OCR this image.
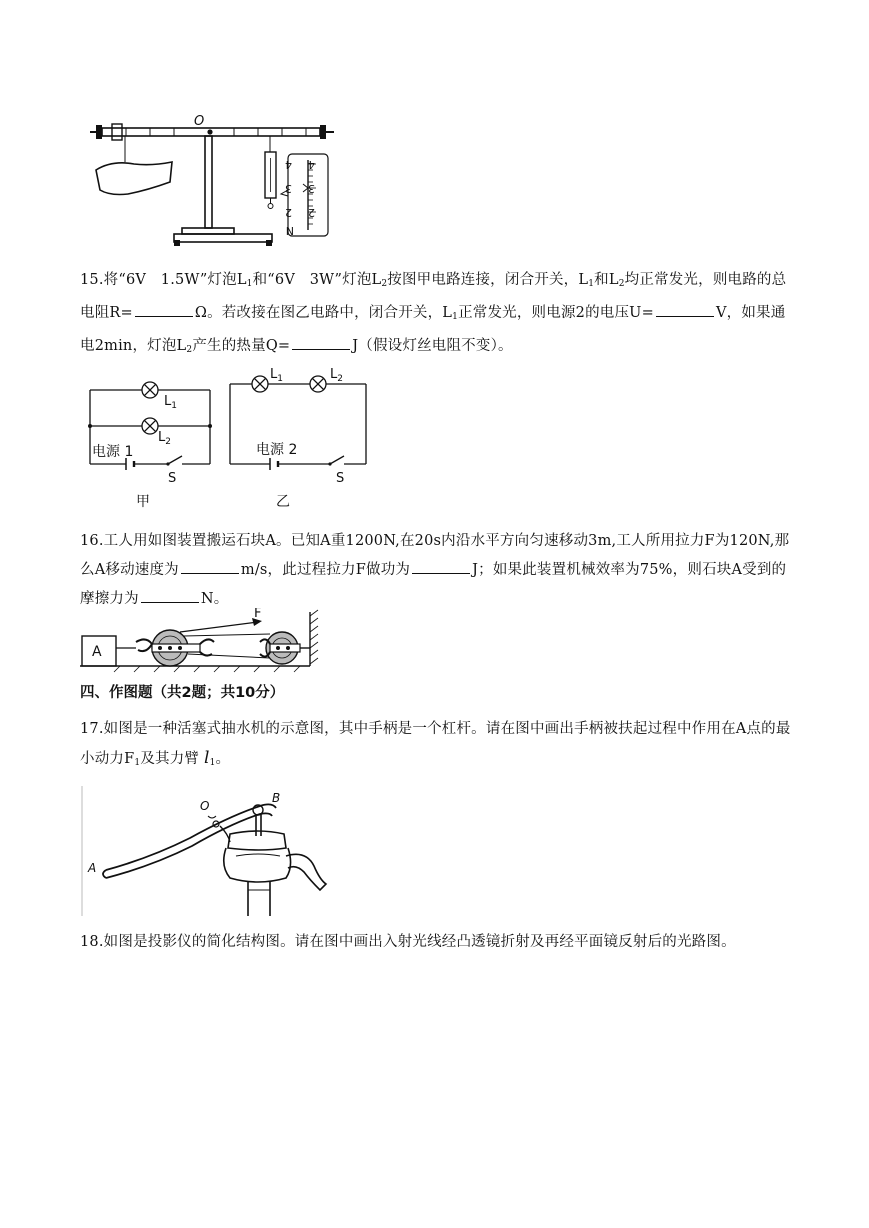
O
4
3
2
4
3
2
N
15.将“6V　1.5W”灯泡$L_1$和“6V　3W”灯泡$L_2$按图甲电路连接，闭合开关，$L_1$和$L_2$均正常发光，则电路的总电阻R=	Ω。若改接在图乙电路中，闭合开关，$L_1$正常发光，则电源2的电压U=	V，如果通电2min，灯泡$L_2$产生的热量Q=	J（假设灯丝电阻不变）。
$L_1$
$L_2$
电源 1
S
甲
$L_1$	$L_2$
电源 2
S
乙
16.工人用如图装置搬运石块A。已知A重1200N,在20s内沿水平方向匀速移动3m,工人所用拉力F为120N,那么A移动速度为	m/s，此过程拉力F做功为	J；如果此装置机械效率为75%，则石块A受到的摩擦力为	N。
A
F
四、作图题（共2题；共10分）
17.如图是一种活塞式抽水机的示意图，其中手柄是一个杠杆。请在图中画出手柄被扶起过程中作用在A点的最小动力$F_1$及其力臂 $l_1$。
A
O
B
18.如图是投影仪的简化结构图。请在图中画出入射光线经凸透镜折射及再经平面镜反射后的光路图。
